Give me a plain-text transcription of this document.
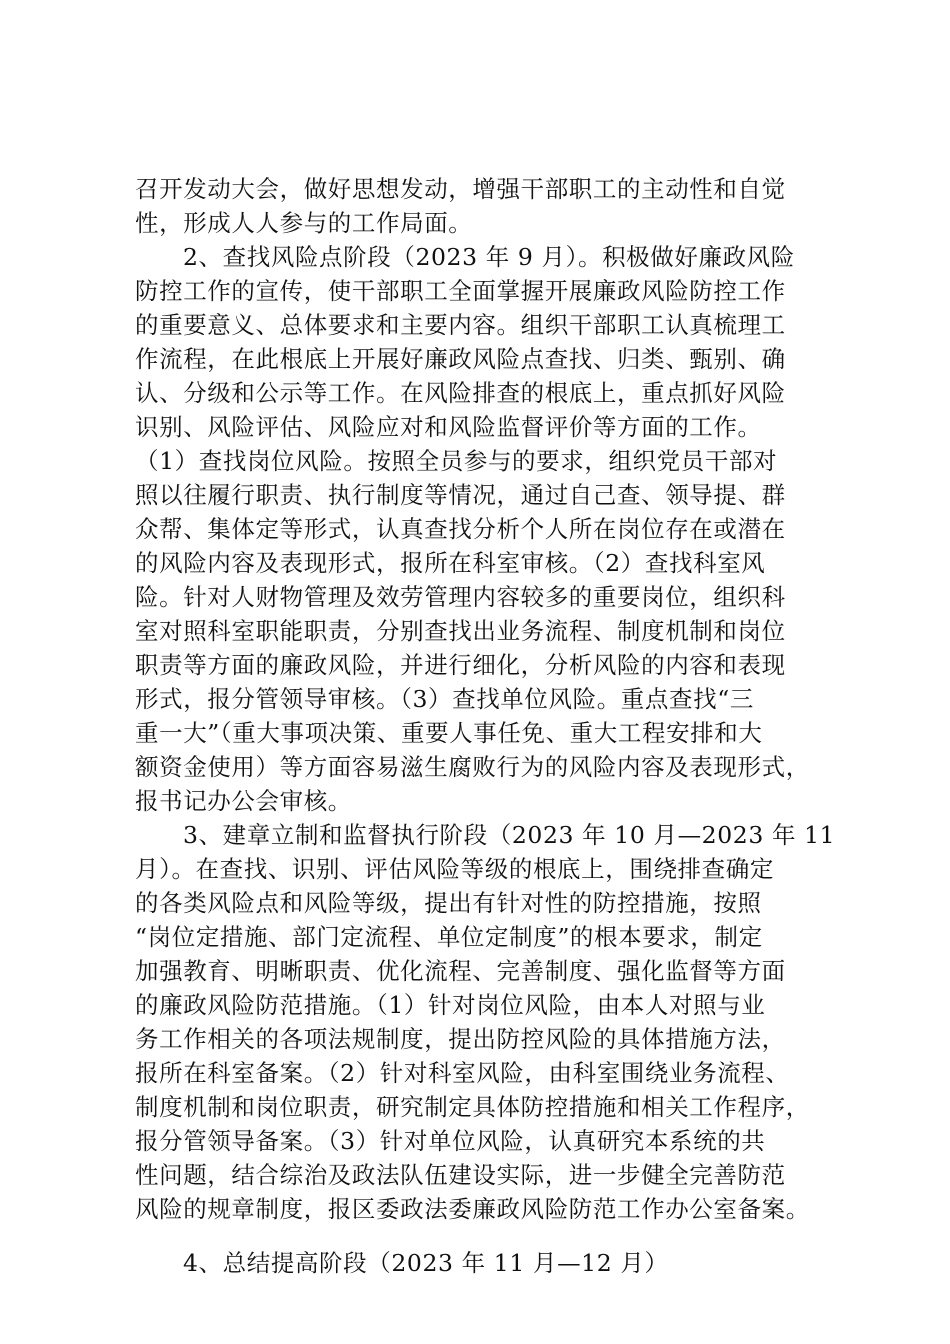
召开发动大会，做好思想发动，增强干部职工的主动性和自觉
性，形成人人参与的工作局面。
2、查找风险点阶段（2023 年 9 月）。积极做好廉政风险
防控工作的宣传，使干部职工全面掌握开展廉政风险防控工作
的重要意义、总体要求和主要内容。组织干部职工认真梳理工
作流程，在此根底上开展好廉政风险点查找、归类、甄别、确
认、分级和公示等工作。在风险排查的根底上，重点抓好风险
识别、风险评估、风险应对和风险监督评价等方面的工作。
（1）查找岗位风险。按照全员参与的要求，组织党员干部对
照以往履行职责、执行制度等情况，通过自己查、领导提、群
众帮、集体定等形式，认真查找分析个人所在岗位存在或潜在
的风险内容及表现形式，报所在科室审核。（2）查找科室风
险。针对人财物管理及效劳管理内容较多的重要岗位，组织科
室对照科室职能职责，分别查找出业务流程、制度机制和岗位
职责等方面的廉政风险，并进行细化，分析风险的内容和表现
形式，报分管领导审核。（3）查找单位风险。重点查找“三
重一大”（重大事项决策、重要人事任免、重大工程安排和大
额资金使用）等方面容易滋生腐败行为的风险内容及表现形式，
报书记办公会审核。
3、建章立制和监督执行阶段（2023 年 10 月—2023 年 11
月）。在查找、识别、评估风险等级的根底上，围绕排查确定
的各类风险点和风险等级，提出有针对性的防控措施，按照
“岗位定措施、部门定流程、单位定制度”的根本要求，制定
加强教育、明晰职责、优化流程、完善制度、强化监督等方面
的廉政风险防范措施。（1）针对岗位风险，由本人对照与业
务工作相关的各项法规制度，提出防控风险的具体措施方法，
报所在科室备案。（2）针对科室风险，由科室围绕业务流程、
制度机制和岗位职责，研究制定具体防控措施和相关工作程序，
报分管领导备案。（3）针对单位风险，认真研究本系统的共
性问题，结合综治及政法队伍建设实际，进一步健全完善防范
风险的规章制度，报区委政法委廉政风险防范工作办公室备案。
4、总结提高阶段（2023 年 11 月—12 月）
